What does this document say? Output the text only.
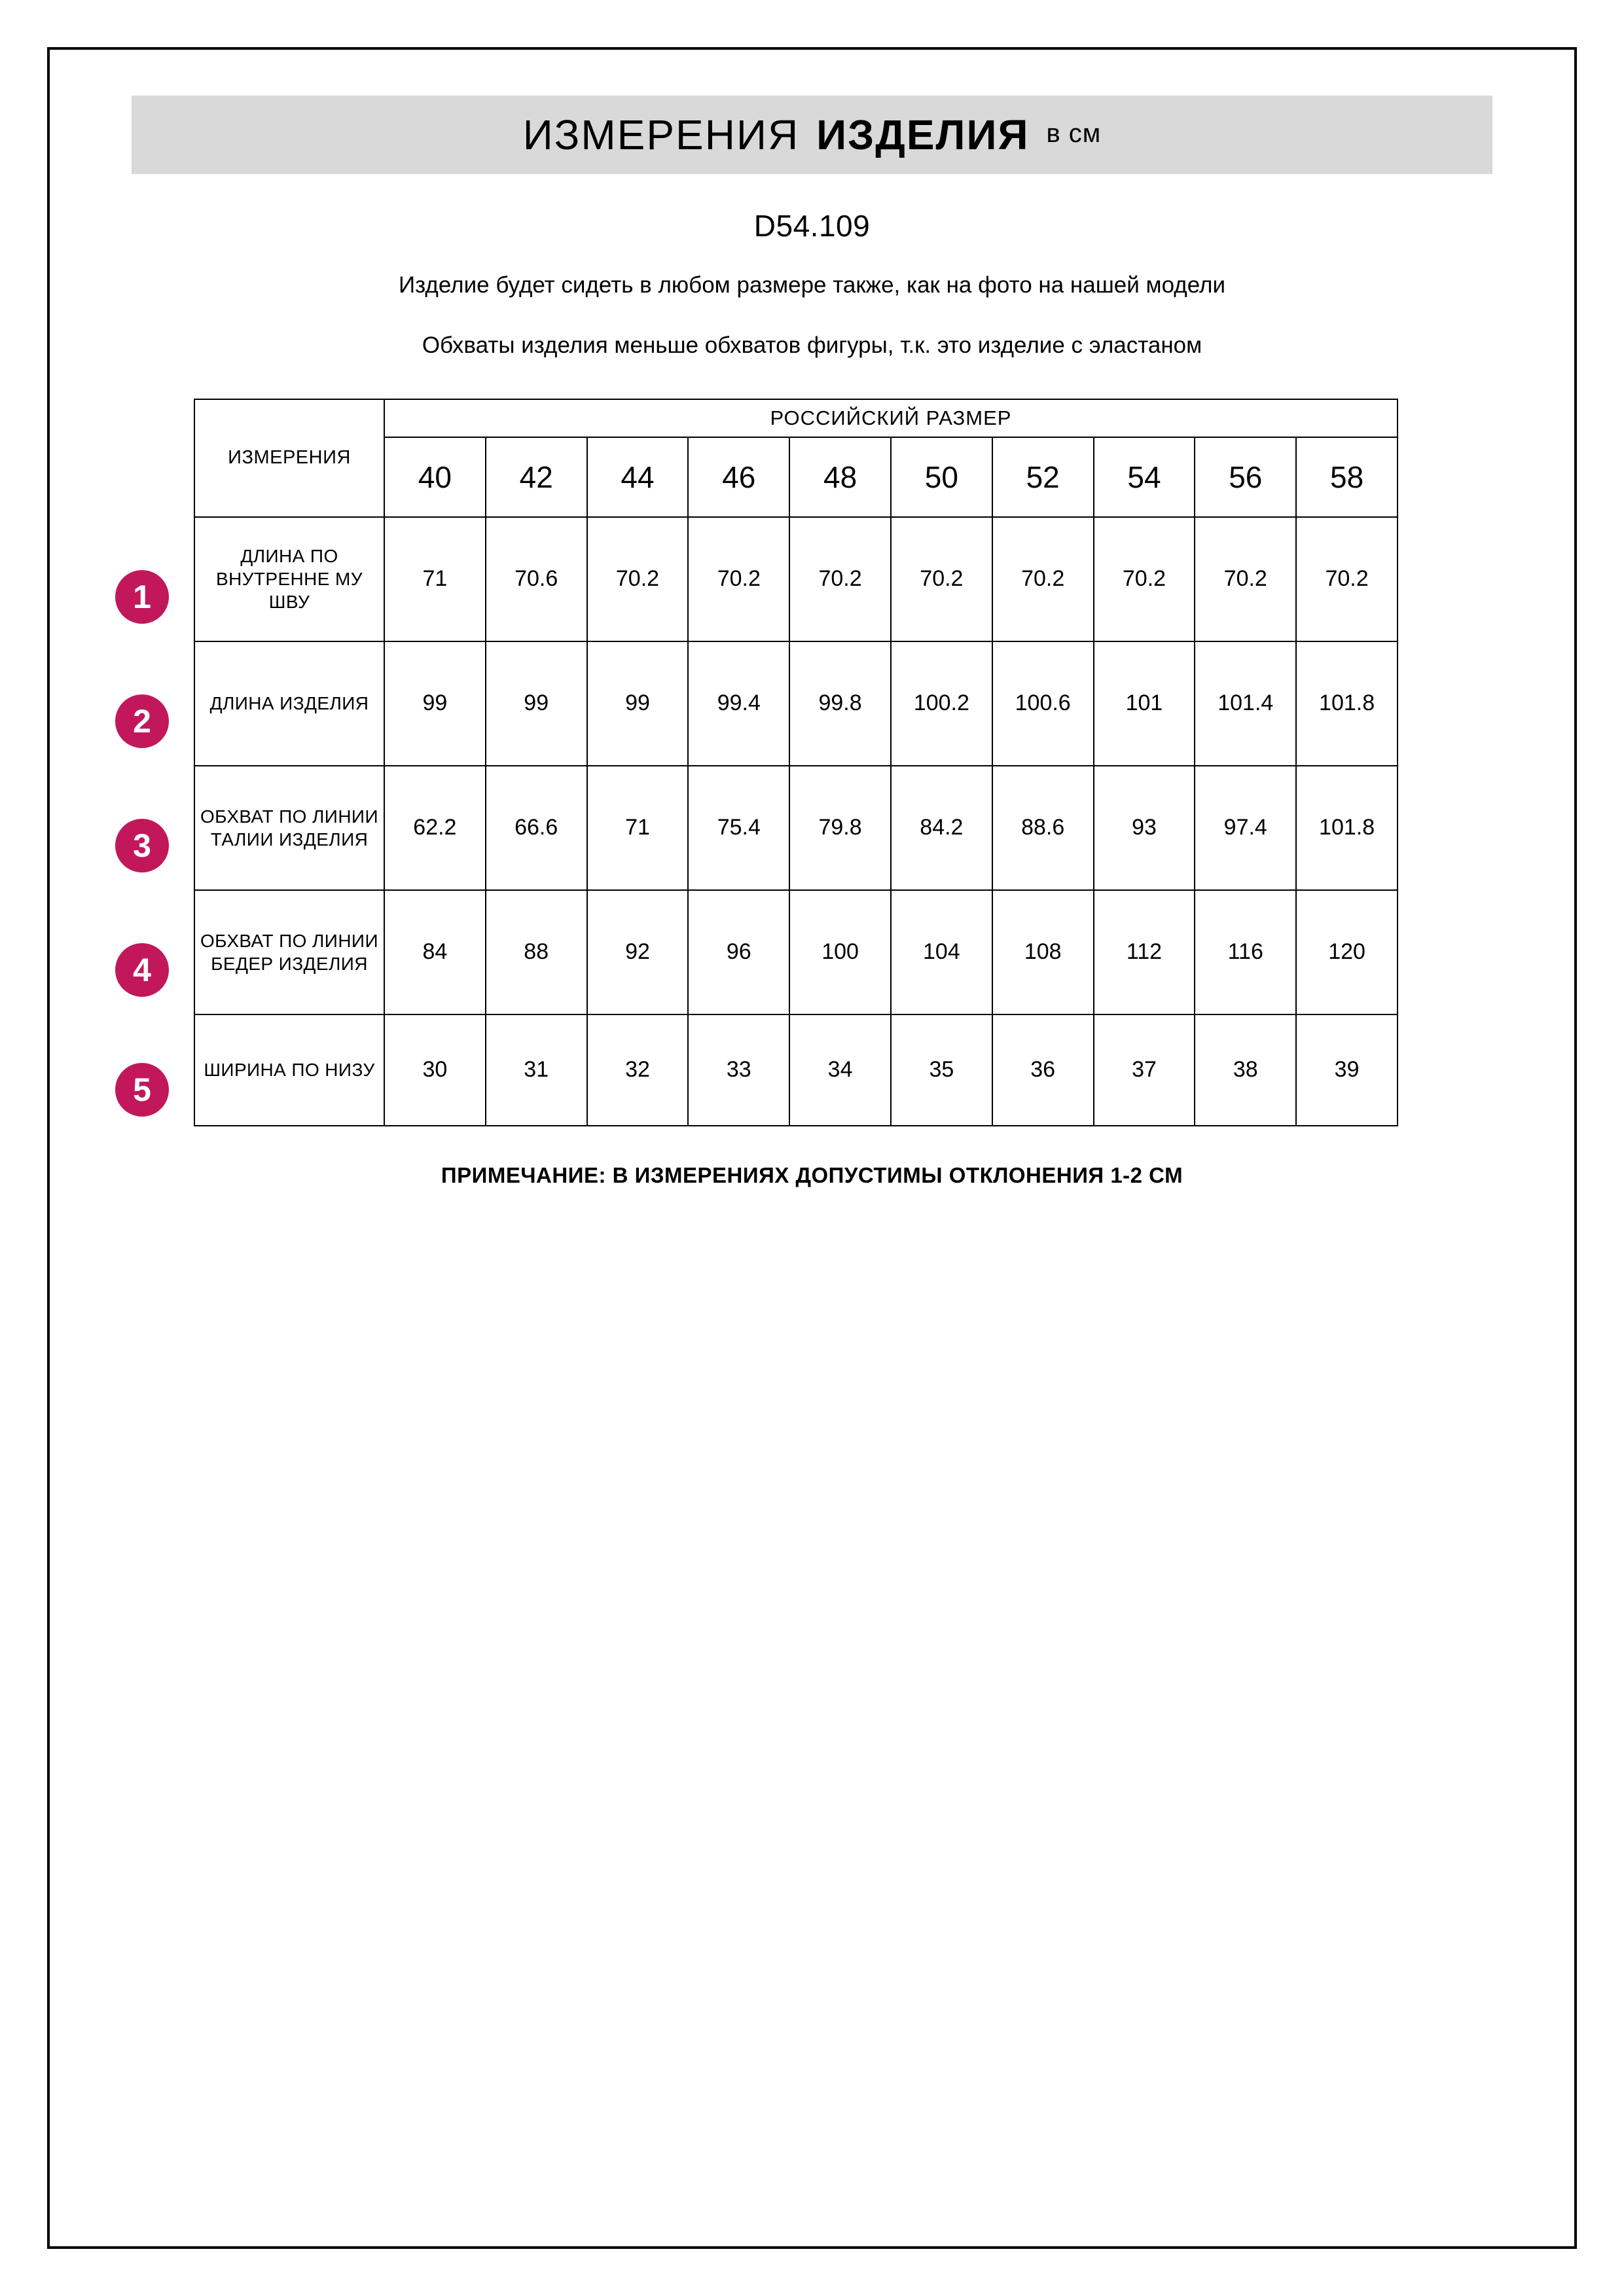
ИЗМЕРЕНИЯ ИЗДЕЛИЯ в см
D54.109
Изделие будет сидеть в любом размере также, как на фото на нашей модели
Обхваты изделия меньше обхватов фигуры, т.к. это изделие с эластаном
1
2
3
4
5
ИЗМЕРЕНИЯ	РОССИЙСКИЙ РАЗМЕР									
	40	42	44	46	48	50	52	54	56	58
ДЛИНА ПО ВНУТРЕННЕ МУ ШВУ	71	70.6	70.2	70.2	70.2	70.2	70.2	70.2	70.2	70.2
ДЛИНА ИЗДЕЛИЯ	99	99	99	99.4	99.8	100.2	100.6	101	101.4	101.8
ОБХВАТ ПО ЛИНИИ ТАЛИИ ИЗДЕЛИЯ	62.2	66.6	71	75.4	79.8	84.2	88.6	93	97.4	101.8
ОБХВАТ ПО ЛИНИИ БЕДЕР ИЗДЕЛИЯ	84	88	92	96	100	104	108	112	116	120
ШИРИНА ПО НИЗУ	30	31	32	33	34	35	36	37	38	39
ПРИМЕЧАНИЕ: В ИЗМЕРЕНИЯХ ДОПУСТИМЫ ОТКЛОНЕНИЯ 1-2 СМ
